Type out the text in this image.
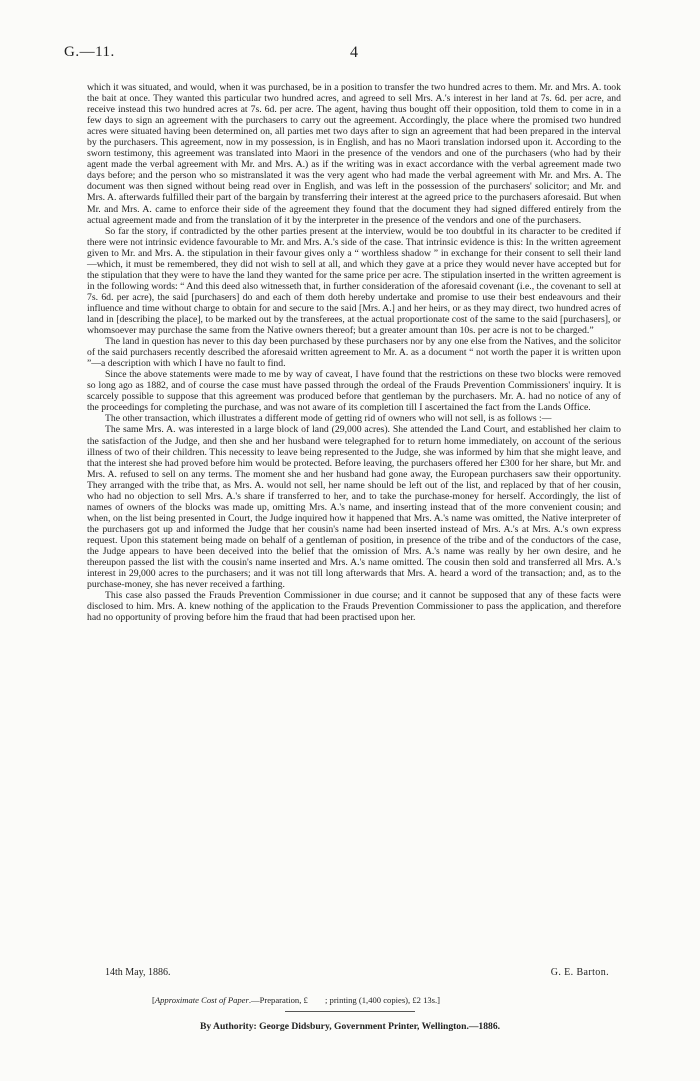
G.—11.	4

which it was situated, and would, when it was purchased, be in a position to transfer the two hundred acres to them. Mr. and Mrs. A. took the bait at once. They wanted this particular two hundred acres, and agreed to sell Mrs. A.'s interest in her land at 7s. 6d. per acre, and receive instead this two hundred acres at 7s. 6d. per acre. The agent, having thus bought off their opposition, told them to come in in a few days to sign an agreement with the purchasers to carry out the agreement. Accordingly, the place where the promised two hundred acres were situated having been determined on, all parties met two days after to sign an agreement that had been prepared in the interval by the purchasers. This agreement, now in my possession, is in English, and has no Maori translation indorsed upon it. According to the sworn testimony, this agreement was translated into Maori in the presence of the vendors and one of the purchasers (who had by their agent made the verbal agreement with Mr. and Mrs. A.) as if the writing was in exact accordance with the verbal agreement made two days before; and the person who so mistranslated it was the very agent who had made the verbal agreement with Mr. and Mrs. A. The document was then signed without being read over in English, and was left in the possession of the purchasers' solicitor; and Mr. and Mrs. A. afterwards fulfilled their part of the bargain by transferring their interest at the agreed price to the purchasers aforesaid. But when Mr. and Mrs. A. came to enforce their side of the agreement they found that the document they had signed differed entirely from the actual agreement made and from the translation of it by the interpreter in the presence of the vendors and one of the purchasers.

So far the story, if contradicted by the other parties present at the interview, would be too doubtful in its character to be credited if there were not intrinsic evidence favourable to Mr. and Mrs. A.'s side of the case. That intrinsic evidence is this: In the written agreement given to Mr. and Mrs. A. the stipulation in their favour gives only a “ worthless shadow ” in exchange for their consent to sell their land—which, it must be remembered, they did not wish to sell at all, and which they gave at a price they would never have accepted but for the stipulation that they were to have the land they wanted for the same price per acre. The stipulation inserted in the written agreement is in the following words: “ And this deed also witnesseth that, in further consideration of the aforesaid covenant (i.e., the covenant to sell at 7s. 6d. per acre), the said [purchasers] do and each of them doth hereby undertake and promise to use their best endeavours and their influence and time without charge to obtain for and secure to the said [Mrs. A.] and her heirs, or as they may direct, two hundred acres of land in [describing the place], to be marked out by the transferees, at the actual proportionate cost of the same to the said [purchasers], or whomsoever may purchase the same from the Native owners thereof; but a greater amount than 10s. per acre is not to be charged.”

The land in question has never to this day been purchased by these purchasers nor by any one else from the Natives, and the solicitor of the said purchasers recently described the aforesaid written agreement to Mr. A. as a document “ not worth the paper it is written upon ”—a description with which I have no fault to find.

Since the above statements were made to me by way of caveat, I have found that the restrictions on these two blocks were removed so long ago as 1882, and of course the case must have passed through the ordeal of the Frauds Prevention Commissioners' inquiry. It is scarcely possible to suppose that this agreement was produced before that gentleman by the purchasers. Mr. A. had no notice of any of the proceedings for completing the purchase, and was not aware of its completion till I ascertained the fact from the Lands Office.

The other transaction, which illustrates a different mode of getting rid of owners who will not sell, is as follows :—

The same Mrs. A. was interested in a large block of land (29,000 acres). She attended the Land Court, and established her claim to the satisfaction of the Judge, and then she and her husband were telegraphed for to return home immediately, on account of the serious illness of two of their children. This necessity to leave being represented to the Judge, she was informed by him that she might leave, and that the interest she had proved before him would be protected. Before leaving, the purchasers offered her £300 for her share, but Mr. and Mrs. A. refused to sell on any terms. The moment she and her husband had gone away, the European purchasers saw their opportunity. They arranged with the tribe that, as Mrs. A. would not sell, her name should be left out of the list, and replaced by that of her cousin, who had no objection to sell Mrs. A.'s share if transferred to her, and to take the purchase-money for herself. Accordingly, the list of names of owners of the blocks was made up, omitting Mrs. A.'s name, and inserting instead that of the more convenient cousin; and when, on the list being presented in Court, the Judge inquired how it happened that Mrs. A.'s name was omitted, the Native interpreter of the purchasers got up and informed the Judge that her cousin's name had been inserted instead of Mrs. A.'s at Mrs. A.'s own express request. Upon this statement being made on behalf of a gentleman of position, in presence of the tribe and of the conductors of the case, the Judge appears to have been deceived into the belief that the omission of Mrs. A.'s name was really by her own desire, and he thereupon passed the list with the cousin's name inserted and Mrs. A.'s name omitted. The cousin then sold and transferred all Mrs. A.'s interest in 29,000 acres to the purchasers; and it was not till long afterwards that Mrs. A. heard a word of the transaction; and, as to the purchase-money, she has never received a farthing.

This case also passed the Frauds Prevention Commissioner in due course; and it cannot be supposed that any of these facts were disclosed to him. Mrs. A. knew nothing of the application to the Frauds Prevention Commissioner to pass the application, and therefore had no opportunity of proving before him the fraud that had been practised upon her.

14th May, 1886.	G. E. Barton.
[Approximate Cost of Paper.—Preparation, £ ; printing (1,400 copies), £2 13s.]
By Authority: George Didsbury, Government Printer, Wellington.—1886.
